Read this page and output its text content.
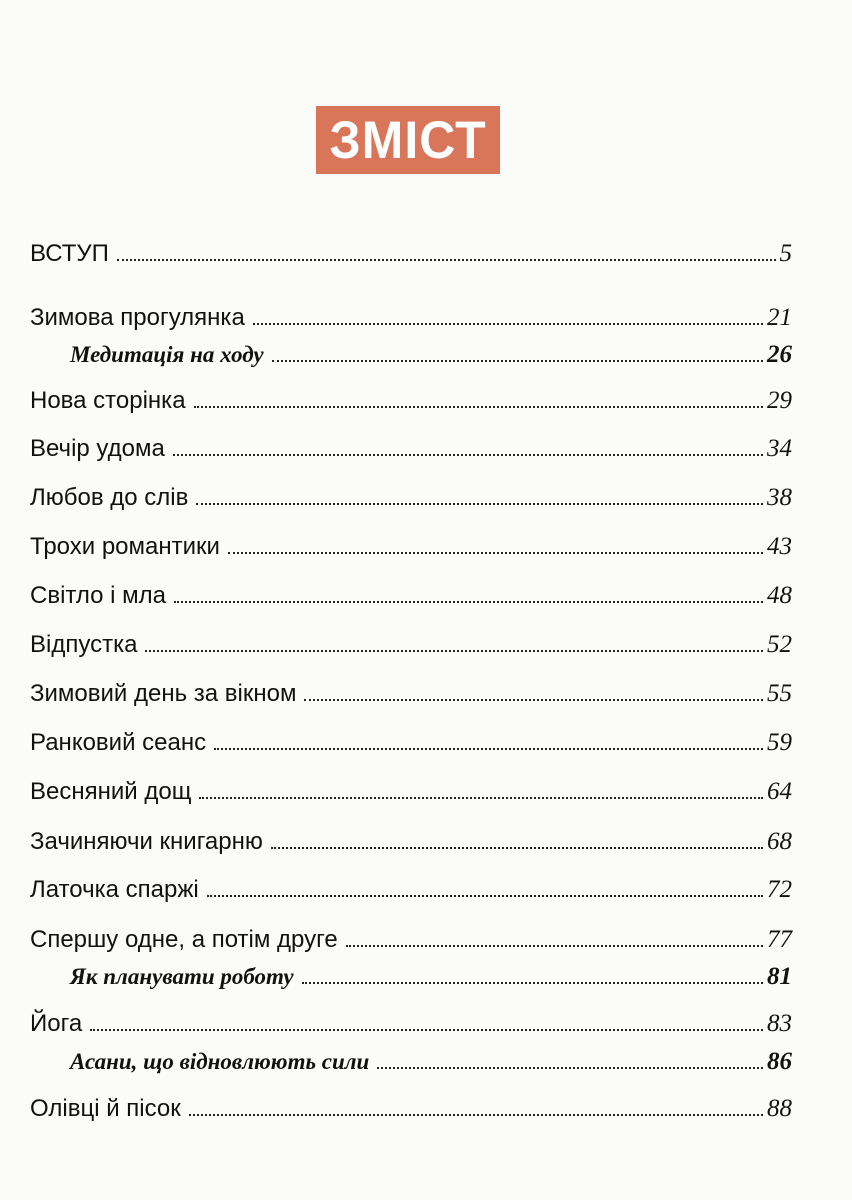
ЗМІСТ
ВСТУП	5
Зимова прогулянка	21
Медитація на ходу	26
Нова сторінка	29
Вечір удома	34
Любов до слів	38
Трохи романтики	43
Світло і мла	48
Відпустка	52
Зимовий день за вікном	55
Ранковий сеанс	59
Весняний дощ	64
Зачиняючи книгарню	68
Латочка спаржі	72
Спершу одне, а потім друге	77
Як планувати роботу	81
Йога	83
Асани, що відновлюють сили	86
Олівці й пісок	88
